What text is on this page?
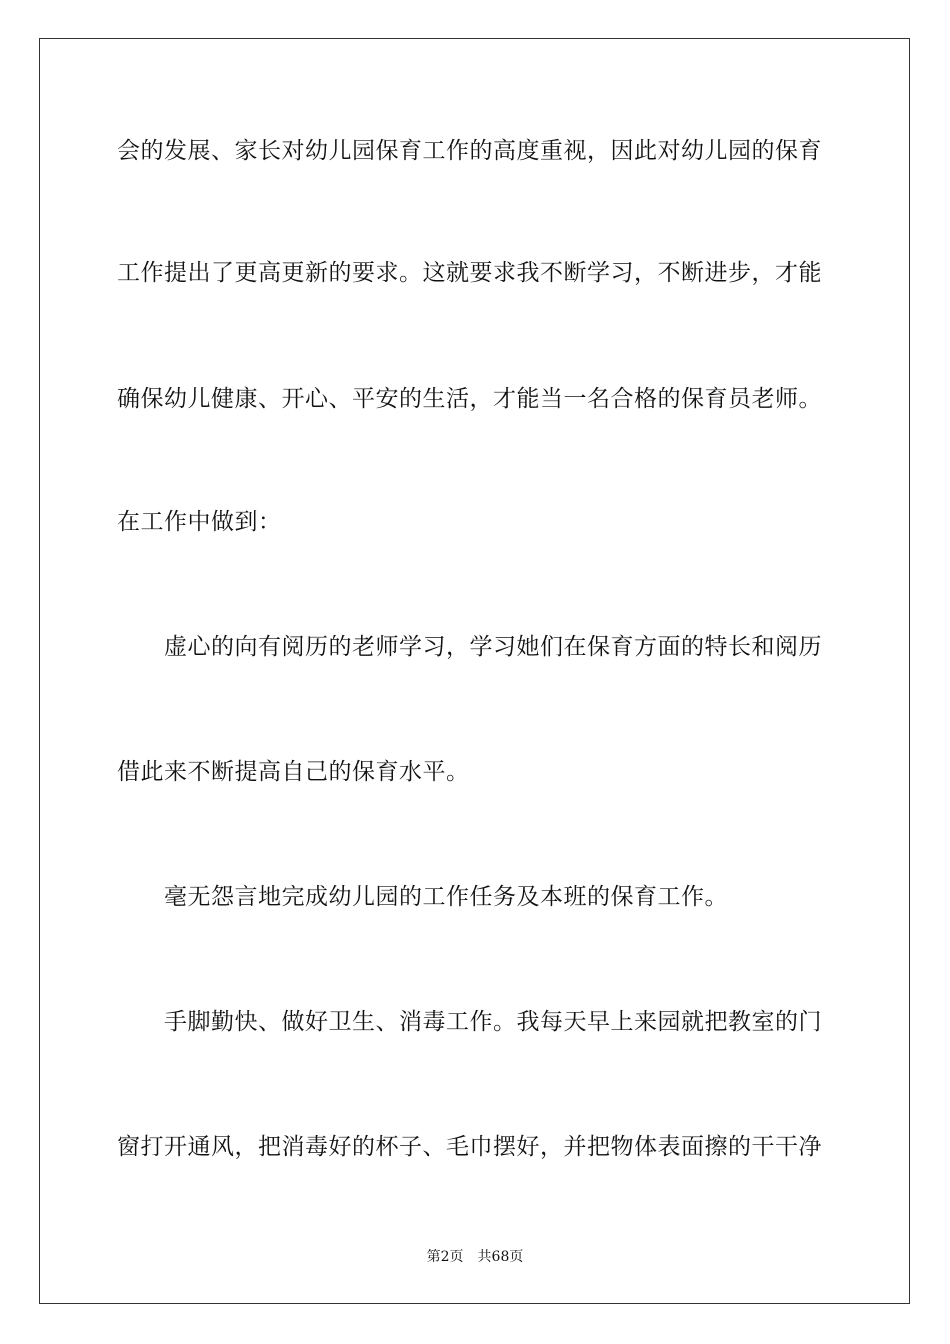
会的发展、家长对幼儿园保育工作的高度重视，因此对幼儿园的保育
工作提出了更高更新的要求。这就要求我不断学习，不断进步，才能
确保幼儿健康、开心、平安的生活，才能当一名合格的保育员老师。
在工作中做到：
虚心的向有阅历的老师学习，学习她们在保育方面的特长和阅历
借此来不断提高自己的保育水平。
毫无怨言地完成幼儿园的工作任务及本班的保育工作。
手脚勤快、做好卫生、消毒工作。我每天早上来园就把教室的门
窗打开通风，把消毒好的杯子、毛巾摆好，并把物体表面擦的干干净
第2页 共68页
